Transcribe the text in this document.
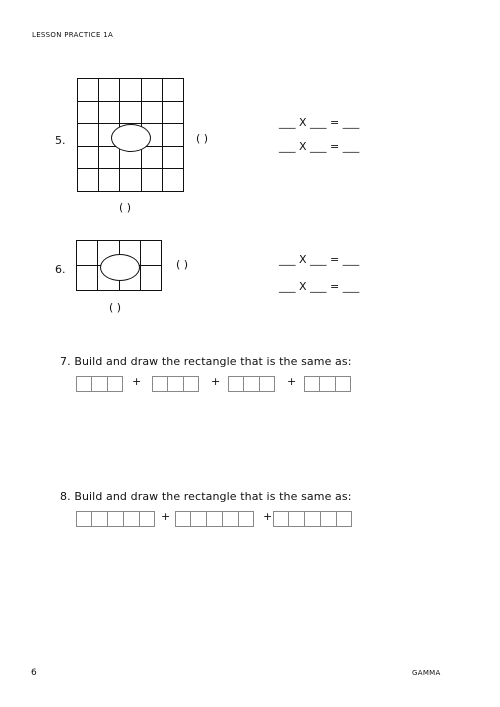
LESSON PRACTICE 1A
5.

					( )
( )
___ X ___ = ___
___ X ___ = ___
6.

				( )
( )
___ X ___ = ___
___ X ___ = ___
7. Build and draw the rectangle that is the same as:
+	+	+
8. Build and draw the rectangle that is the same as:
+	+
6	GAMMA
